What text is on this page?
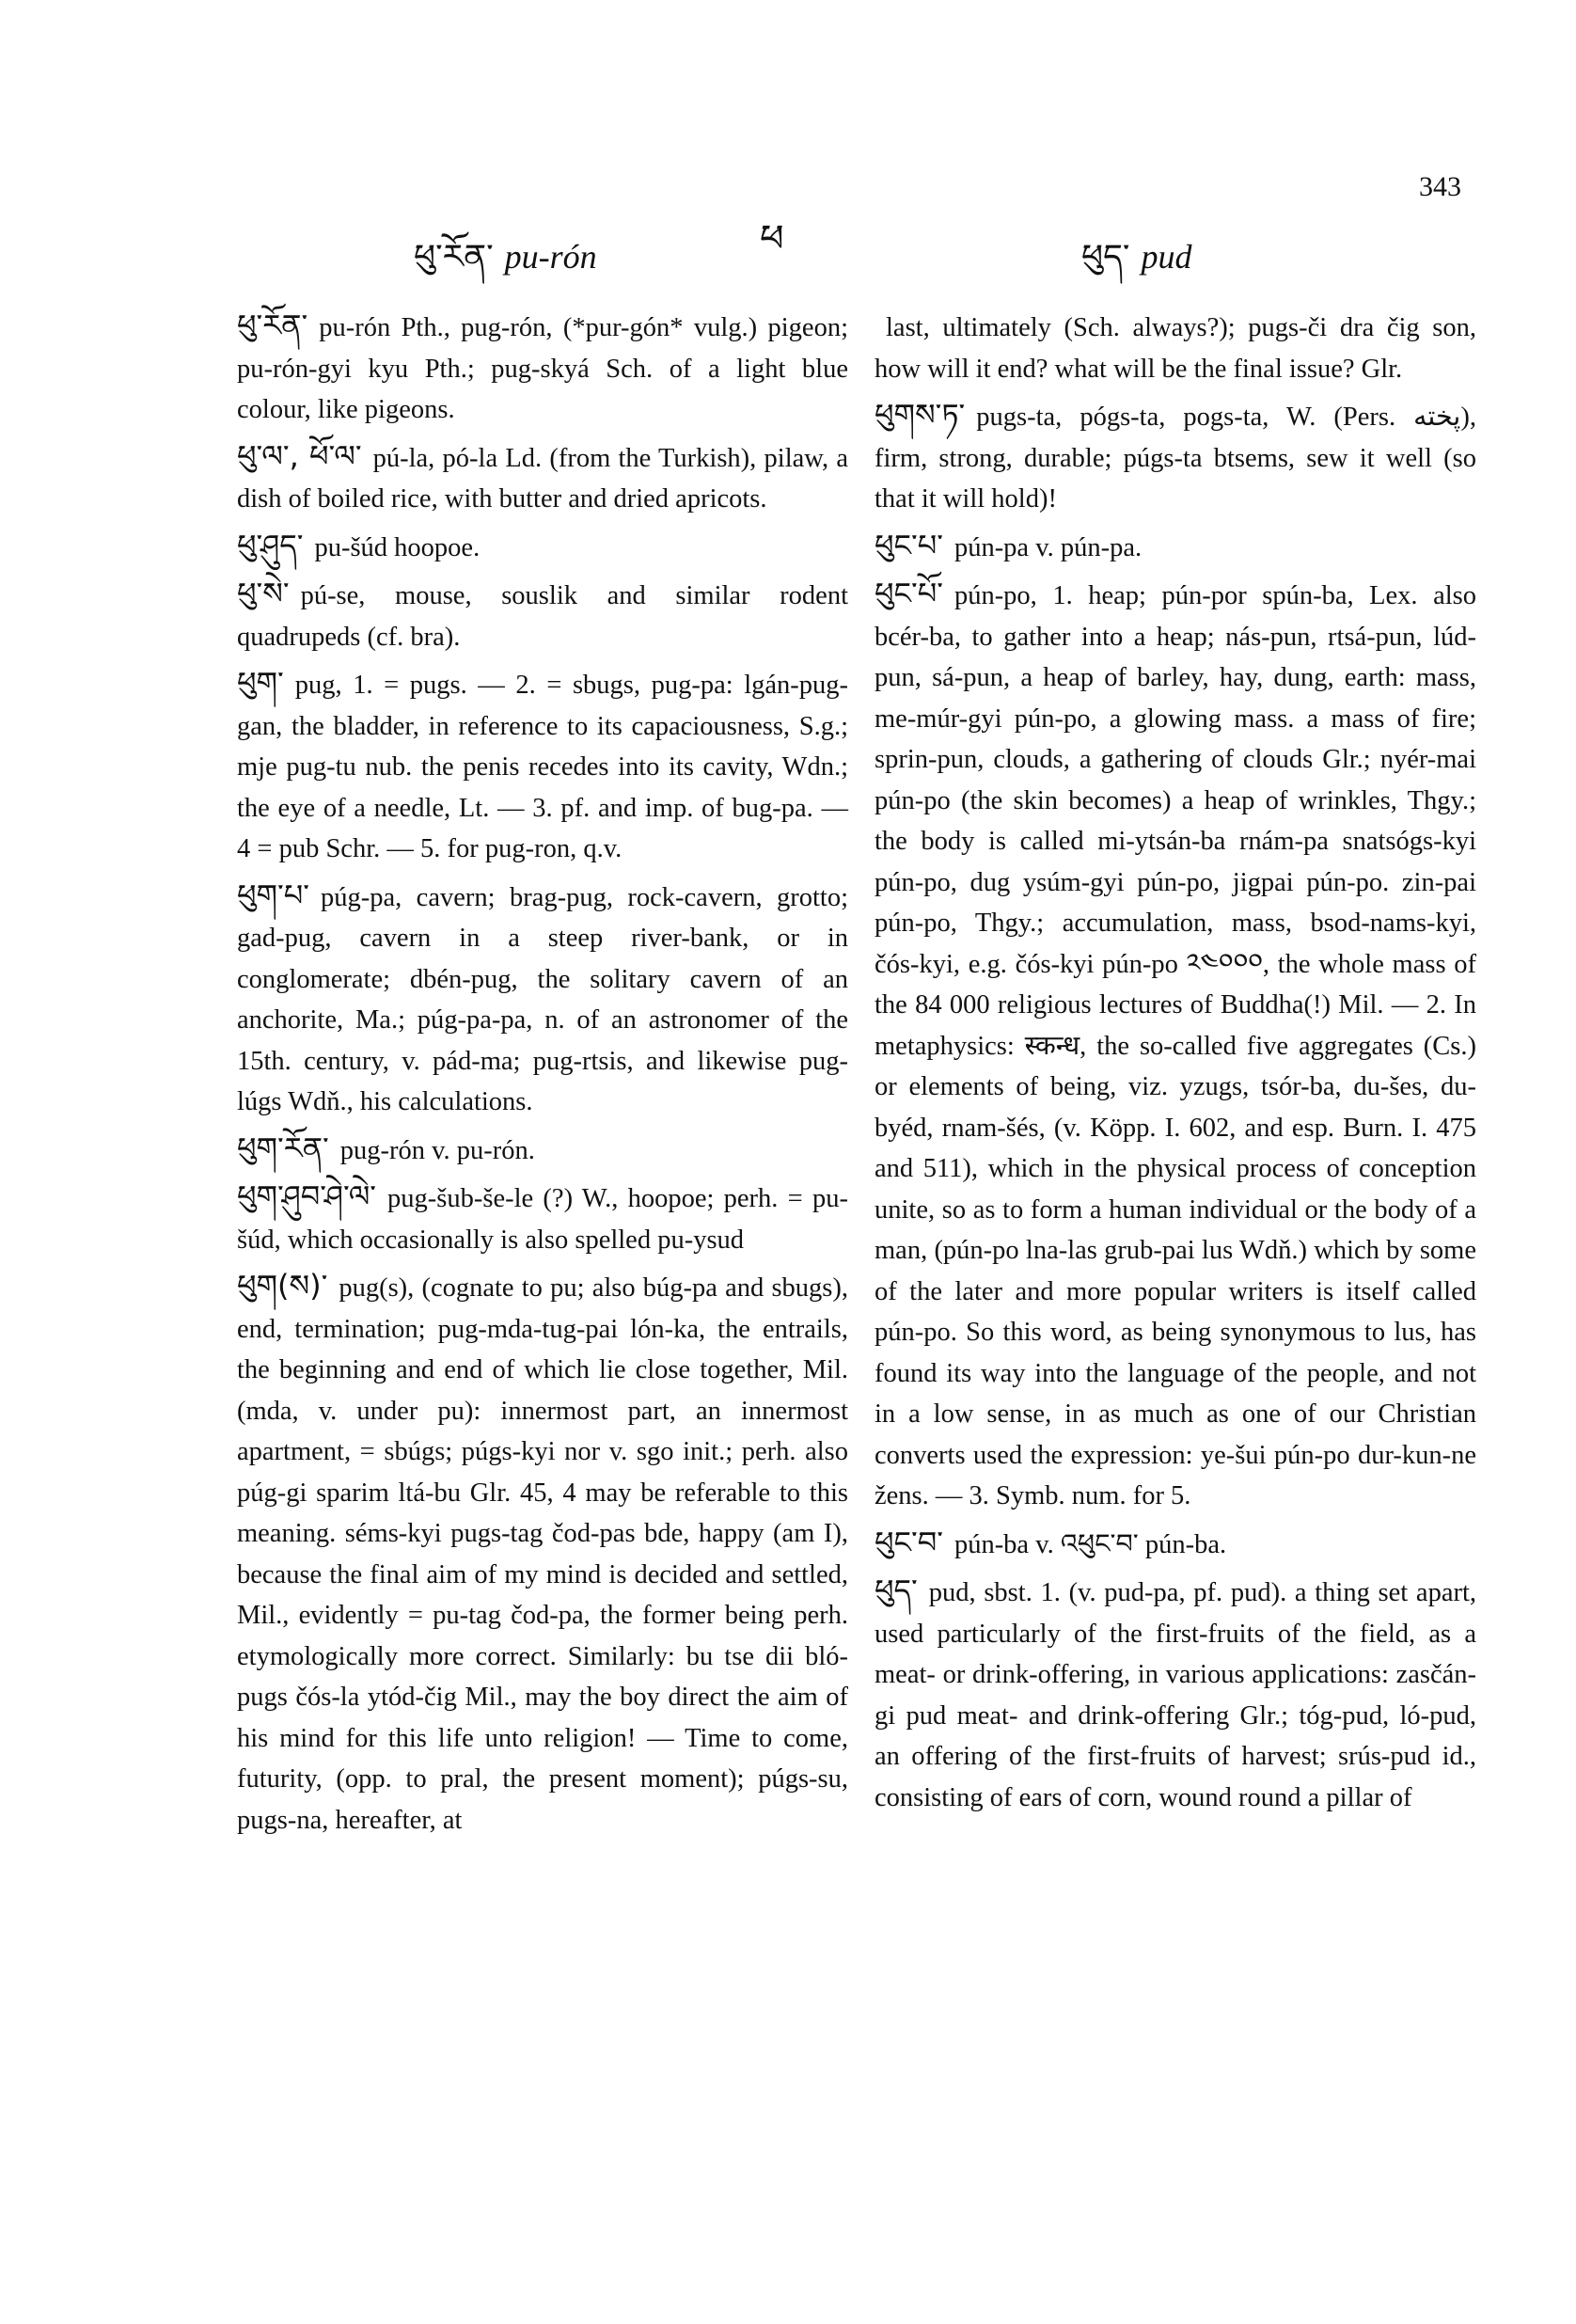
343
ཕ
ཕུ་རོན་ pu-rón	ཕུད་ pud

ཕུ་རོན་ pu-rón Pth., pug-rón, (*pur-gón* vulg.) pigeon; pu-rón-gyi kyu Pth.; pug-skyá Sch. of a light blue colour, like pigeons.

ཕུ་ལ་, ཕོ་ལ་ pú-la, pó-la Ld. (from the Turkish), pilaw, a dish of boiled rice, with butter and dried apricots.

ཕུ་ཤུད་ pu-šúd hoopoe.

ཕུ་སེ་ pú-se, mouse, souslik and similar rodent quadrupeds (cf. bra).

ཕུག་ pug, 1. = pugs. — 2. = sbugs, pug-pa: lgán-pug-gan, the bladder, in reference to its capaciousness, S.g.; mje pug-tu nub. the penis recedes into its cavity, Wdn.; the eye of a needle, Lt. — 3. pf. and imp. of bug-pa. — 4 = pub Schr. — 5. for pug-ron, q.v.

ཕུག་པ་ púg-pa, cavern; brag-pug, rock-cavern, grotto; gad-pug, cavern in a steep river-bank, or in conglomerate; dbén-pug, the solitary cavern of an anchorite, Ma.; púg-pa-pa, n. of an astronomer of the 15th. century, v. pád-ma; pug-rtsis, and likewise pug-lúgs Wdň., his calculations.

ཕུག་རོན་ pug-rón v. pu-rón.

ཕུག་ཤུབ་ཤེ་ལེ་ pug-šub-še-le (?) W., hoopoe; perh. = pu-šúd, which occasionally is also spelled pu-ysud

ཕུག(ས)་ pug(s), (cognate to pu; also búg-pa and sbugs), end, termination; pug-mda-tug-pai lón-ka, the entrails, the beginning and end of which lie close together, Mil. (mda, v. under pu): innermost part, an innermost apartment, = sbúgs; púgs-kyi nor v. sgo init.; perh. also púg-gi sparim ltá-bu Glr. 45, 4 may be referable to this meaning. séms-kyi pugs-tag čod-pas bde, happy (am I), because the final aim of my mind is decided and settled, Mil., evidently = pu-tag čod-pa, the former being perh. etymologically more correct. Similarly: bu tse dii bló-pugs čós-la ytód-čig Mil., may the boy direct the aim of his mind for this life unto religion! — Time to come, futurity, (opp. to pral, the present moment); púgs-su, pugs-na, hereafter, at

last, ultimately (Sch. always?); pugs-či dra čig son, how will it end? what will be the final issue? Glr.

ཕུགས་ཏ་ pugs-ta, pógs-ta, pogs-ta, W. (Pers. پخته), firm, strong, durable; púgs-ta btsems, sew it well (so that it will hold)!

ཕུང་པ་ pún-pa v. pún-pa.

ཕུང་པོ་ pún-po, 1. heap; pún-por spún-ba, Lex. also bcér-ba, to gather into a heap; nás-pun, rtsá-pun, lúd-pun, sá-pun, a heap of barley, hay, dung, earth: mass, me-múr-gyi pún-po, a glowing mass. a mass of fire; sprin-pun, clouds, a gathering of clouds Glr.; nyér-mai pún-po (the skin becomes) a heap of wrinkles, Thgy.; the body is called mi-ytsán-ba rnám-pa snatsógs-kyi pún-po, dug ysúm-gyi pún-po, jigpai pún-po. zin-pai pún-po, Thgy.; accumulation, mass, bsod-nams-kyi, čós-kyi, e.g. čós-kyi pún-po ༢༤༠༠༠, the whole mass of the 84 000 religious lectures of Buddha(!) Mil. — 2. In metaphysics: स्कन्ध, the so-called five aggregates (Cs.) or elements of being, viz. yzugs, tsór-ba, du-šes, du-byéd, rnam-šés, (v. Köpp. I. 602, and esp. Burn. I. 475 and 511), which in the physical process of conception unite, so as to form a human individual or the body of a man, (pún-po lna-las grub-pai lus Wdň.) which by some of the later and more popular writers is itself called pún-po. So this word, as being synonymous to lus, has found its way into the language of the people, and not in a low sense, in as much as one of our Christian converts used the expression: ye-šui pún-po dur-kun-ne žens. — 3. Symb. num. for 5.

ཕུང་བ་ pún-ba v. འཕུང་བ་ pún-ba.

ཕུད་ pud, sbst. 1. (v. pud-pa, pf. pud). a thing set apart, used particularly of the first-fruits of the field, as a meat- or drink-offering, in various applications: zasčán-gi pud meat- and drink-offering Glr.; tóg-pud, ló-pud, an offering of the first-fruits of harvest; srús-pud id., consisting of ears of corn, wound round a pillar of
